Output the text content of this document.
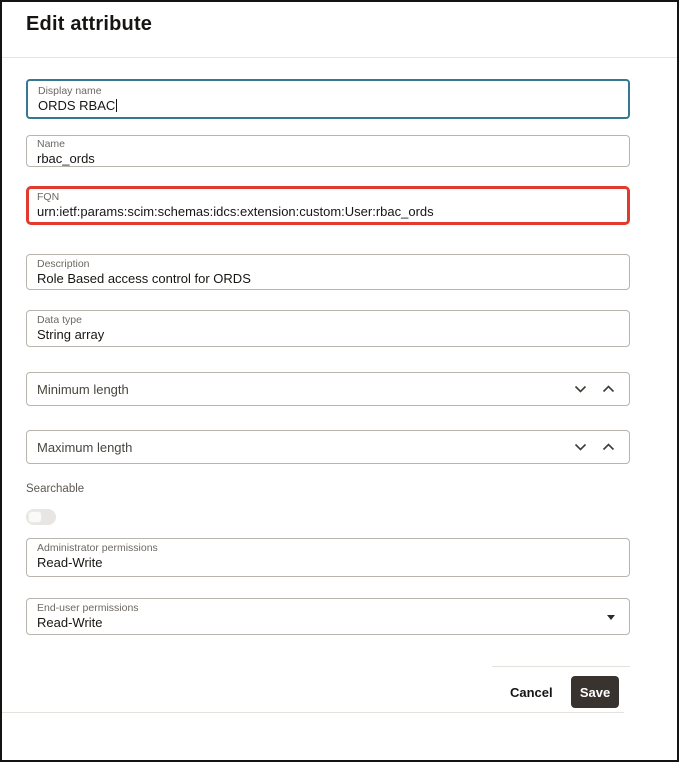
Edit attribute
Display name
ORDS RBAC
Name
rbac_ords
FQN
urn:ietf:params:scim:schemas:idcs:extension:custom:User:rbac_ords
Description
Role Based access control for ORDS
Data type
String array
Minimum length
Maximum length
Searchable
Administrator permissions
Read-Write
End-user permissions
Read-Write
Cancel	Save
